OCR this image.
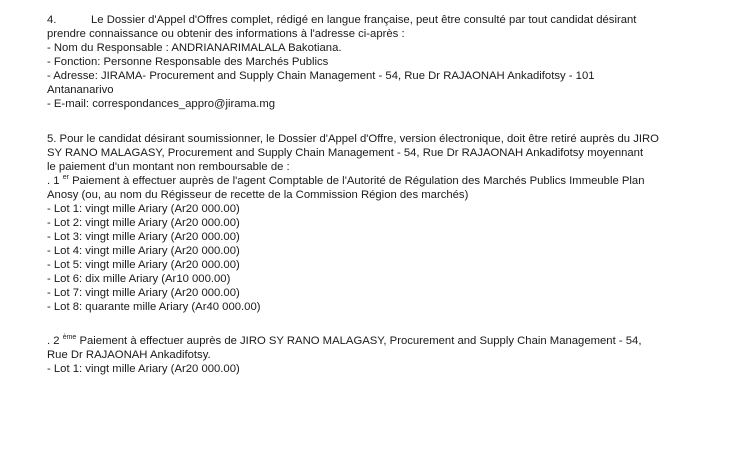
4.	Le Dossier d'Appel d'Offres complet, rédigé en langue française, peut être consulté par tout candidat désirant
prendre connaissance ou obtenir des informations à l'adresse ci-après :
- Nom du Responsable : ANDRIANARIMALALA Bakotiana.
- Fonction: Personne Responsable des Marchés Publics
- Adresse: JIRAMA- Procurement and Supply Chain Management - 54, Rue Dr RAJAONAH Ankadifotsy - 101
Antananarivo
- E-mail: correspondances_appro@jirama.mg
5. Pour le candidat désirant soumissionner, le Dossier d'Appel d'Offre, version électronique, doit être retiré auprès du JIRO
SY RANO MALAGASY, Procurement and Supply Chain Management - 54, Rue Dr RAJAONAH Ankadifotsy moyennant
le paiement d'un montant non remboursable de :
. 1 $^{er}$ Paiement à effectuer auprès de l'agent Comptable de l'Autorité de Régulation des Marchés Publics Immeuble Plan
Anosy (ou, au nom du Régisseur de recette de la Commission Région des marchés)
- Lot 1: vingt mille Ariary (Ar20 000.00)
- Lot 2: vingt mille Ariary (Ar20 000.00)
- Lot 3: vingt mille Ariary (Ar20 000.00)
- Lot 4: vingt mille Ariary (Ar20 000.00)
- Lot 5: vingt mille Ariary (Ar20 000.00)
- Lot 6: dix mille Ariary (Ar10 000.00)
- Lot 7: vingt mille Ariary (Ar20 000.00)
- Lot 8: quarante mille Ariary (Ar40 000.00)
. 2 $^{ème}$ Paiement à effectuer auprès de JIRO SY RANO MALAGASY, Procurement and Supply Chain Management - 54,
Rue Dr RAJAONAH Ankadifotsy.
- Lot 1: vingt mille Ariary (Ar20 000.00)
